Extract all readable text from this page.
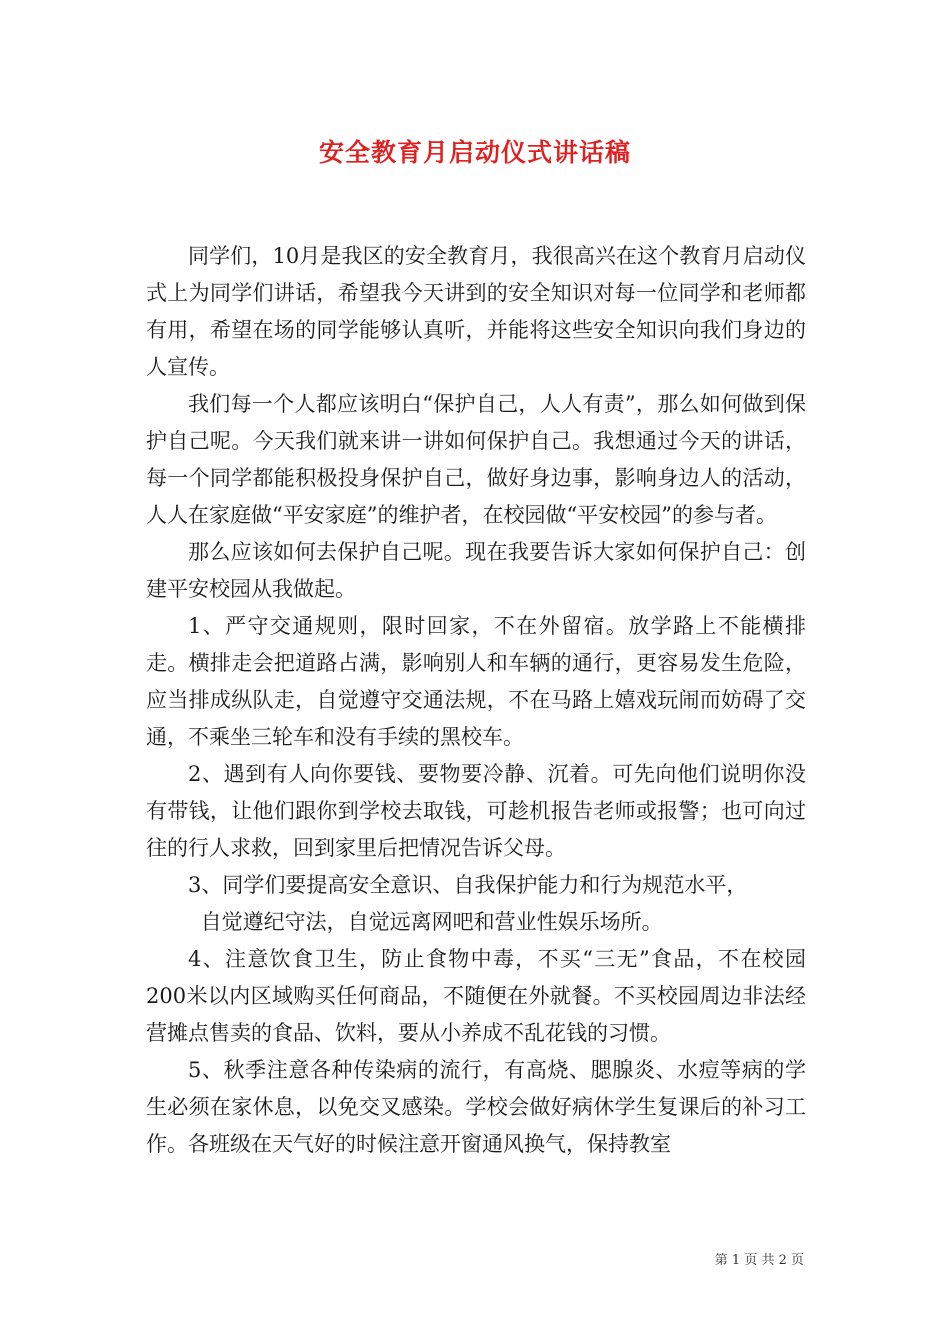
安全教育月启动仪式讲话稿

同学们，10月是我区的安全教育月，我很高兴在这个教育月启动仪式上为同学们讲话，希望我今天讲到的安全知识对每一位同学和老师都有用，希望在场的同学能够认真听，并能将这些安全知识向我们身边的人宣传。

我们每一个人都应该明白“保护自己，人人有责”，那么如何做到保护自己呢。今天我们就来讲一讲如何保护自己。我想通过今天的讲话，每一个同学都能积极投身保护自己，做好身边事，影响身边人的活动，人人在家庭做“平安家庭”的维护者，在校园做“平安校园”的参与者。

那么应该如何去保护自己呢。现在我要告诉大家如何保护自己：创建平安校园从我做起。

1、严守交通规则，限时回家，不在外留宿。放学路上不能横排走。横排走会把道路占满，影响别人和车辆的通行，更容易发生危险，应当排成纵队走，自觉遵守交通法规，不在马路上嬉戏玩闹而妨碍了交通，不乘坐三轮车和没有手续的黑校车。

2、遇到有人向你要钱、要物要冷静、沉着。可先向他们说明你没有带钱，让他们跟你到学校去取钱，可趁机报告老师或报警；也可向过往的行人求救，回到家里后把情况告诉父母。

3、同学们要提高安全意识、自我保护能力和行为规范水平，

自觉遵纪守法，自觉远离网吧和营业性娱乐场所。

4、注意饮食卫生，防止食物中毒，不买“三无”食品，不在校园200米以内区域购买任何商品，不随便在外就餐。不买校园周边非法经营摊点售卖的食品、饮料，要从小养成不乱花钱的习惯。

5、秋季注意各种传染病的流行，有高烧、腮腺炎、水痘等病的学生必须在家休息，以免交叉感染。学校会做好病休学生复课后的补习工作。各班级在天气好的时候注意开窗通风换气，保持教室

第 1 页 共 2 页
